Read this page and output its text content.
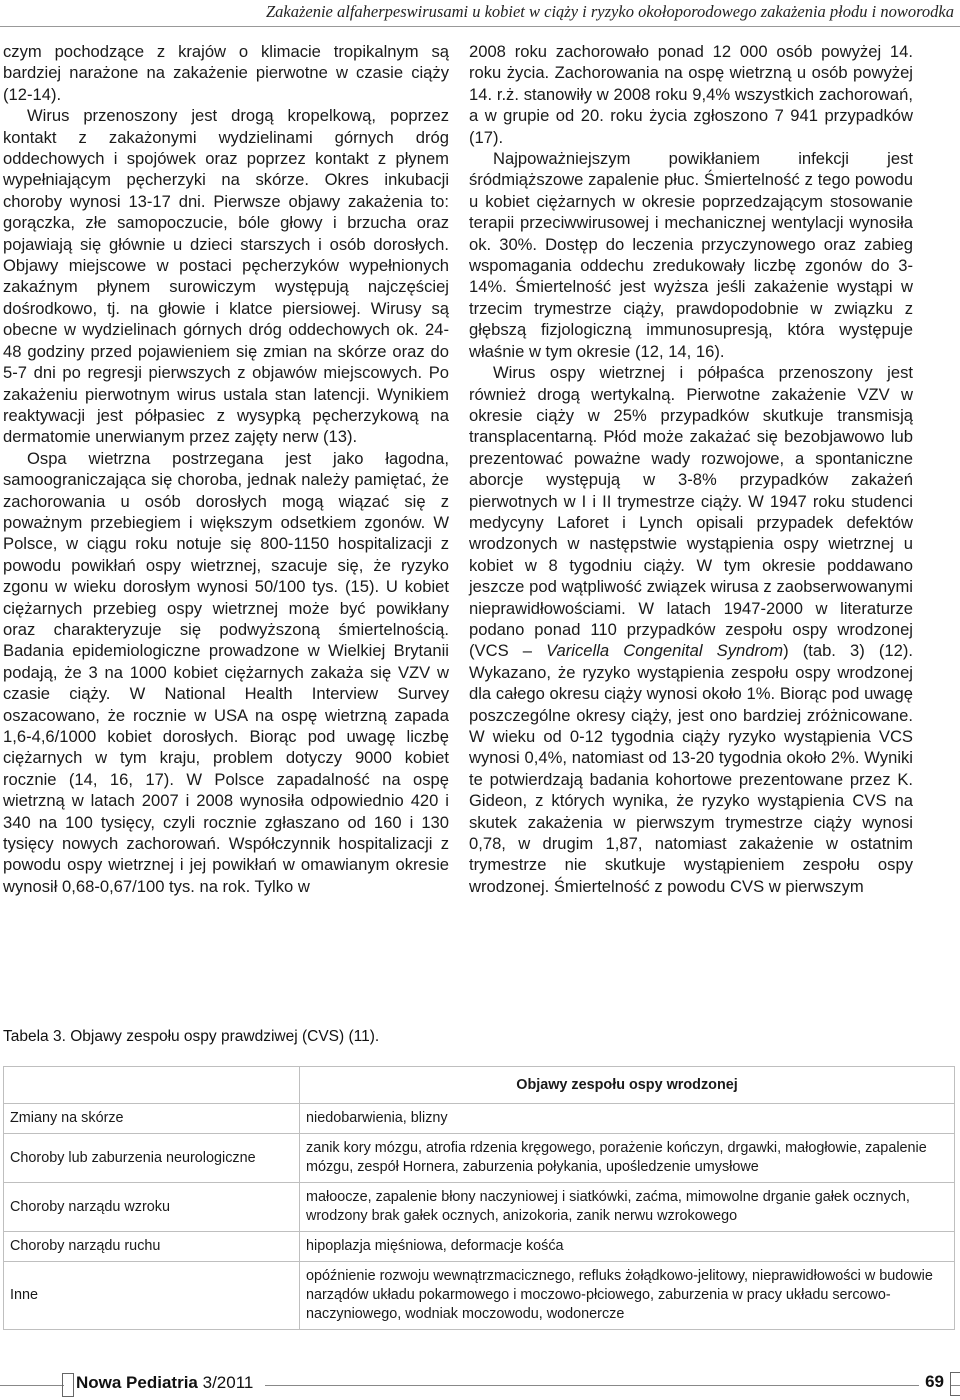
Zakażenie alfaherpeswirusami u kobiet w ciąży i ryzyko okołoporodowego zakażenia płodu i noworodka

czym pochodzące z krajów o klimacie tropikalnym są bardziej narażone na zakażenie pierwotne w czasie ciąży (12-14).

Wirus przenoszony jest drogą kropelkową, poprzez kontakt z zakażonymi wydzielinami górnych dróg oddechowych i spojówek oraz poprzez kontakt z płynem wypełniającym pęcherzyki na skórze. Okres inkubacji choroby wynosi 13-17 dni. Pierwsze objawy zakażenia to: gorączka, złe samopoczucie, bóle głowy i brzucha oraz pojawiają się głównie u dzieci starszych i osób dorosłych. Objawy miejscowe w postaci pęcherzyków wypełnionych zakaźnym płynem surowiczym występują najczęściej dośrodkowo, tj. na głowie i klatce piersiowej. Wirusy są obecne w wydzielinach górnych dróg oddechowych ok. 24-48 godziny przed pojawieniem się zmian na skórze oraz do 5-7 dni po regresji pierwszych z objawów miejscowych. Po zakażeniu pierwotnym wirus ustala stan latencji. Wynikiem reaktywacji jest półpasiec z wysypką pęcherzykową na dermatomie unerwianym przez zajęty nerw (13).

Ospa wietrzna postrzegana jest jako łagodna, samoograniczająca się choroba, jednak należy pamiętać, że zachorowania u osób dorosłych mogą wiązać się z poważnym przebiegiem i większym odsetkiem zgonów. W Polsce, w ciągu roku notuje się 800-1150 hospitalizacji z powodu powikłań ospy wietrznej, szacuje się, że ryzyko zgonu w wieku dorosłym wynosi 50/100 tys. (15). U kobiet ciężarnych przebieg ospy wietrznej może być powikłany oraz charakteryzuje się podwyższoną śmiertelnością. Badania epidemiologiczne prowadzone w Wielkiej Brytanii podają, że 3 na 1000 kobiet ciężarnych zakaża się VZV w czasie ciąży. W National Health Interview Survey oszacowano, że rocznie w USA na ospę wietrzną zapada 1,6-4,6/1000 kobiet dorosłych. Biorąc pod uwagę liczbę ciężarnych w tym kraju, problem dotyczy 9000 kobiet rocznie (14, 16, 17). W Polsce zapadalność na ospę wietrzną w latach 2007 i 2008 wynosiła odpowiednio 420 i 340 na 100 tysięcy, czyli rocznie zgłaszano od 160 i 130 tysięcy nowych zachorowań. Współczynnik hospitalizacji z powodu ospy wietrznej i jej powikłań w omawianym okresie wynosił 0,68-0,67/100 tys. na rok. Tylko w

2008 roku zachorowało ponad 12 000 osób powyżej 14. roku życia. Zachorowania na ospę wietrzną u osób powyżej 14. r.ż. stanowiły w 2008 roku 9,4% wszystkich zachorowań, a w grupie od 20. roku życia zgłoszono 7 941 przypadków (17).

Najpoważniejszym powikłaniem infekcji jest śródmiąższowe zapalenie płuc. Śmiertelność z tego powodu u kobiet ciężarnych w okresie poprzedzającym stosowanie terapii przeciwwirusowej i mechanicznej wentylacji wynosiła ok. 30%. Dostęp do leczenia przyczynowego oraz zabieg wspomagania oddechu zredukowały liczbę zgonów do 3-14%. Śmiertelność jest wyższa jeśli zakażenie wystąpi w trzecim trymestrze ciąży, prawdopodobnie w związku z głębszą fizjologiczną immunosupresją, która występuje właśnie w tym okresie (12, 14, 16).

Wirus ospy wietrznej i półpaśca przenoszony jest również drogą wertykalną. Pierwotne zakażenie VZV w okresie ciąży w 25% przypadków skutkuje transmisją transplacentarną. Płód może zakażać się bezobjawowo lub prezentować poważne wady rozwojowe, a spontaniczne aborcje występują w 3-8% przypadków zakażeń pierwotnych w I i II trymestrze ciąży. W 1947 roku studenci medycyny Laforet i Lynch opisali przypadek defektów wrodzonych w następstwie wystąpienia ospy wietrznej u kobiet w 8 tygodniu ciąży. W tym okresie poddawano jeszcze pod wątpliwość związek wirusa z zaobserwowanymi nieprawidłowościami. W latach 1947-2000 w literaturze podano ponad 110 przypadków zespołu ospy wrodzonej (VCS – Varicella Congenital Syndrom) (tab. 3) (12). Wykazano, że ryzyko wystąpienia zespołu ospy wrodzonej dla całego okresu ciąży wynosi około 1%. Biorąc pod uwagę poszczególne okresy ciąży, jest ono bardziej zróżnicowane. W wieku od 0-12 tygodnia ciąży ryzyko wystąpienia VCS wynosi 0,4%, natomiast od 13-20 tygodnia około 2%. Wyniki te potwierdzają badania kohortowe prezentowane przez K. Gideon, z których wynika, że ryzyko wystąpienia CVS na skutek zakażenia w pierwszym trymestrze ciąży wynosi 0,78, w drugim 1,87, natomiast zakażenie w ostatnim trymestrze nie skutkuje wystąpieniem zespołu ospy wrodzonej. Śmiertelność z powodu CVS w pierwszym

Tabela 3. Objawy zespołu ospy prawdziwej (CVS) (11).
	Objawy zespołu ospy wrodzonej
Zmiany na skórze	niedobarwienia, blizny
Choroby lub zaburzenia neurologiczne	zanik kory mózgu, atrofia rdzenia kręgowego, porażenie kończyn, drgawki, małogłowie, zapalenie mózgu, zespół Hornera, zaburzenia połykania, upośledzenie umysłowe
Choroby narządu wzroku	małoocze, zapalenie błony naczyniowej i siatkówki, zaćma, mimowolne drganie gałek ocznych, wrodzony brak gałek ocznych, anizokoria, zanik nerwu wzrokowego
Choroby narządu ruchu	hipoplazja mięśniowa, deformacje kośća
Inne	opóźnienie rozwoju wewnątrzmacicznego, refluks żołądkowo-jelitowy, nieprawidłowości w budowie narządów układu pokarmowego i moczowo-płciowego, zaburzenia w pracy układu sercowo-naczyniowego, wodniak moczowodu, wodonercze
Nowa Pediatria 3/2011	69
